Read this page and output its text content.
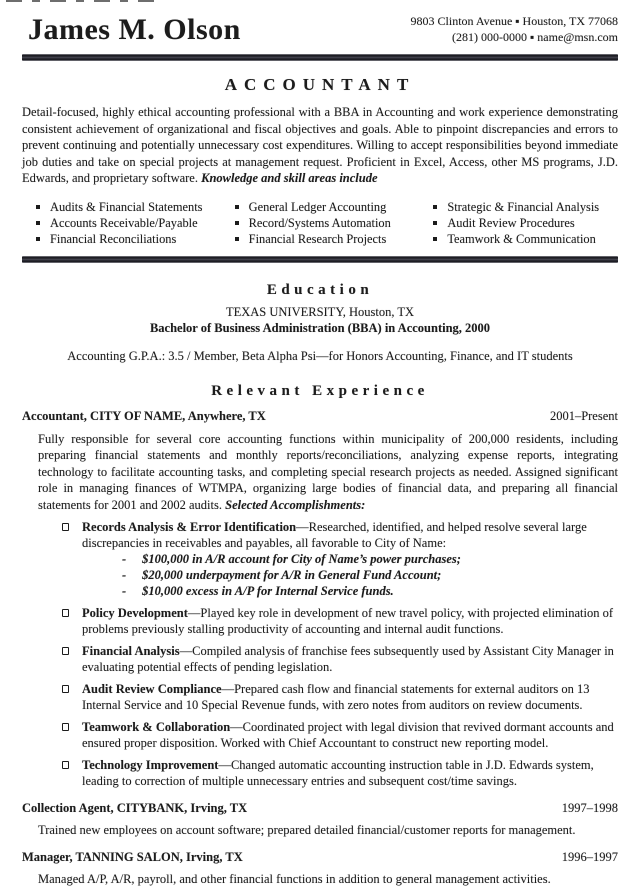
James M. Olson	9803 Clinton Avenue ▪ Houston, TX 77068
(281) 000-0000 ▪ name@msn.com
ACCOUNTANT
Detail-focused, highly ethical accounting professional with a BBA in Accounting and work experience demonstrating consistent achievement of organizational and fiscal objectives and goals. Able to pinpoint discrepancies and errors to prevent continuing and potentially unnecessary cost expenditures. Willing to accept responsibilities beyond immediate job duties and take on special projects at management request. Proficient in Excel, Access, other MS programs, J.D. Edwards, and proprietary software. Knowledge and skill areas include
Audits & Financial Statements
Accounts Receivable/Payable
Financial Reconciliations
General Ledger Accounting
Record/Systems Automation
Financial Research Projects
Strategic & Financial Analysis
Audit Review Procedures
Teamwork & Communication
Education
TEXAS UNIVERSITY, Houston, TX
Bachelor of Business Administration (BBA) in Accounting, 2000
Accounting G.P.A.: 3.5 / Member, Beta Alpha Psi—for Honors Accounting, Finance, and IT students
Relevant Experience
Accountant, CITY OF NAME, Anywhere, TX	2001–Present
Fully responsible for several core accounting functions within municipality of 200,000 residents, including preparing financial statements and monthly reports/reconciliations, analyzing expense reports, integrating technology to facilitate accounting tasks, and completing special research projects as needed. Assigned significant role in managing finances of WTMPA, organizing large bodies of financial data, and preparing all financial statements for 2001 and 2002 audits. Selected Accomplishments:
Records Analysis & Error Identification—Researched, identified, and helped resolve several large discrepancies in receivables and payables, all favorable to City of Name:
- $100,000 in A/R account for City of Name’s power purchases;
- $20,000 underpayment for A/R in General Fund Account;
- $10,000 excess in A/P for Internal Service funds.
Policy Development—Played key role in development of new travel policy, with projected elimination of problems previously stalling productivity of accounting and internal audit functions.
Financial Analysis—Compiled analysis of franchise fees subsequently used by Assistant City Manager in evaluating potential effects of pending legislation.
Audit Review Compliance—Prepared cash flow and financial statements for external auditors on 13 Internal Service and 10 Special Revenue funds, with zero notes from auditors on review documents.
Teamwork & Collaboration—Coordinated project with legal division that revived dormant accounts and ensured proper disposition. Worked with Chief Accountant to construct new reporting model.
Technology Improvement—Changed automatic accounting instruction table in J.D. Edwards system, leading to correction of multiple unnecessary entries and subsequent cost/time savings.
Collection Agent, CITYBANK, Irving, TX	1997–1998
Trained new employees on account software; prepared detailed financial/customer reports for management.
Manager, TANNING SALON, Irving, TX	1996–1997
Managed A/P, A/R, payroll, and other financial functions in addition to general management activities.
